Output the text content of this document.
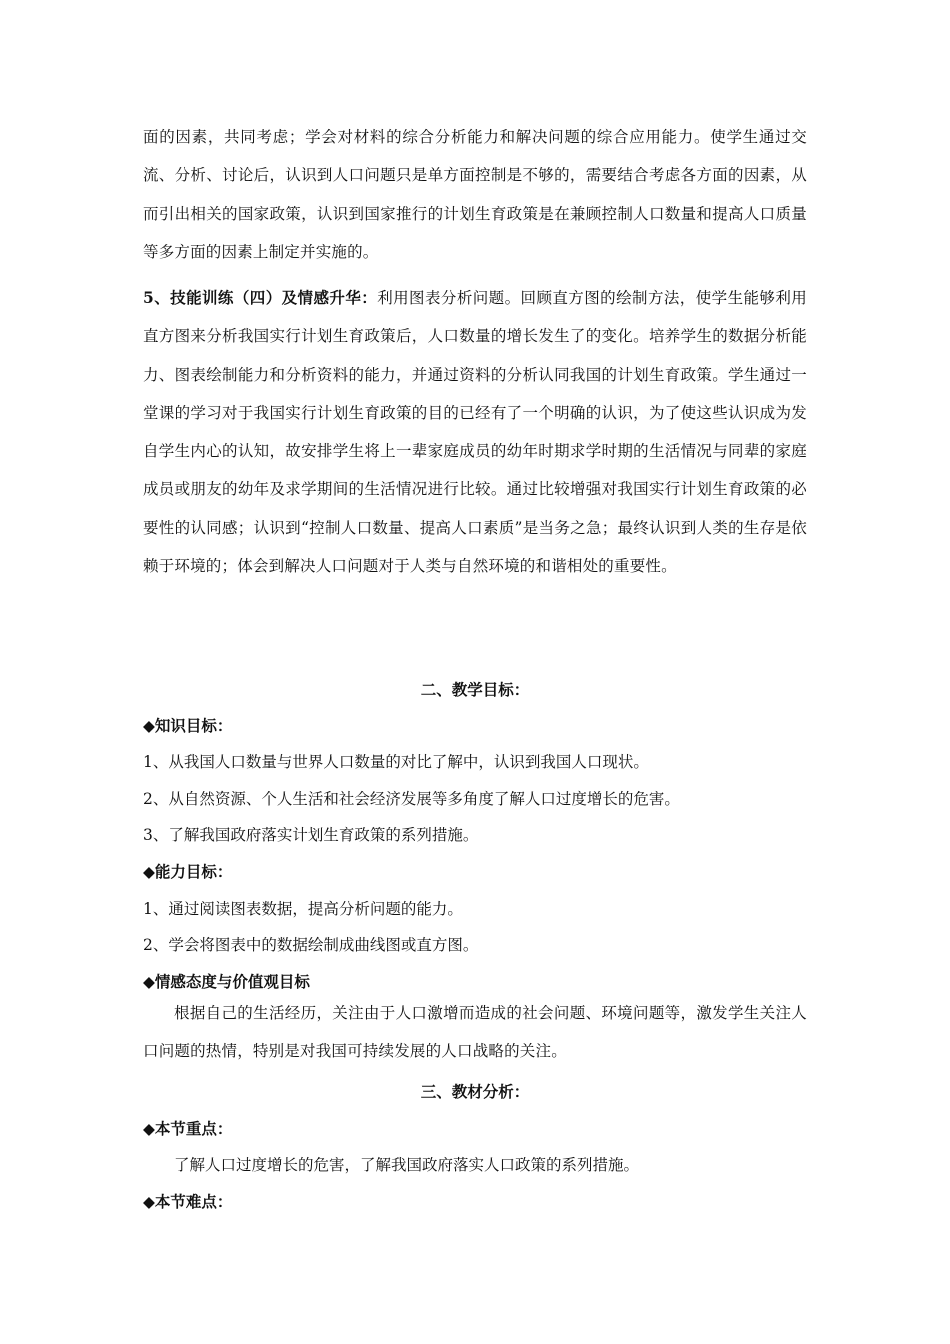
面的因素，共同考虑；学会对材料的综合分析能力和解决问题的综合应用能力。使学生通过交流、分析、讨论后，认识到人口问题只是单方面控制是不够的，需要结合考虑各方面的因素，从而引出相关的国家政策，认识到国家推行的计划生育政策是在兼顾控制人口数量和提高人口质量等多方面的因素上制定并实施的。

5、技能训练（四）及情感升华：利用图表分析问题。回顾直方图的绘制方法，使学生能够利用直方图来分析我国实行计划生育政策后，人口数量的增长发生了的变化。培养学生的数据分析能力、图表绘制能力和分析资料的能力，并通过资料的分析认同我国的计划生育政策。学生通过一堂课的学习对于我国实行计划生育政策的目的已经有了一个明确的认识，为了使这些认识成为发自学生内心的认知，故安排学生将上一辈家庭成员的幼年时期求学时期的生活情况与同辈的家庭成员或朋友的幼年及求学期间的生活情况进行比较。通过比较增强对我国实行计划生育政策的必要性的认同感；认识到“控制人口数量、提高人口素质”是当务之急；最终认识到人类的生存是依赖于环境的；体会到解决人口问题对于人类与自然环境的和谐相处的重要性。

二、教学目标：

◆知识目标：

1、从我国人口数量与世界人口数量的对比了解中，认识到我国人口现状。

2、从自然资源、个人生活和社会经济发展等多角度了解人口过度增长的危害。

3、了解我国政府落实计划生育政策的系列措施。

◆能力目标：

1、通过阅读图表数据，提高分析问题的能力。

2、学会将图表中的数据绘制成曲线图或直方图。

◆情感态度与价值观目标

根据自己的生活经历，关注由于人口激增而造成的社会问题、环境问题等，激发学生关注人口问题的热情，特别是对我国可持续发展的人口战略的关注。

三、教材分析：

◆本节重点：

了解人口过度增长的危害，了解我国政府落实人口政策的系列措施。

◆本节难点：
